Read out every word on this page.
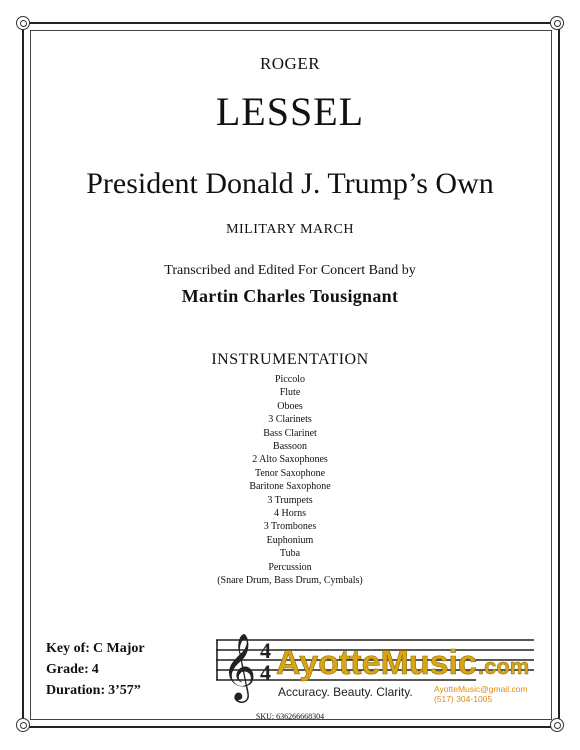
ROGER
LESSEL
President Donald J. Trump’s Own
MILITARY MARCH
Transcribed and Edited For Concert Band by
Martin Charles Tousignant
INSTRUMENTATION
Piccolo
Flute
Oboes
3 Clarinets
Bass Clarinet
Bassoon
2 Alto Saxophones
Tenor Saxophone
Baritone Saxophone
3 Trumpets
4 Horns
3 Trombones
Euphonium
Tuba
Percussion
(Snare Drum, Bass Drum, Cymbals)
Key of: C Major
Grade: 4
Duration: 3’57” 𝄞 4
4 AyotteMusic .com
Accuracy. Beauty. Clarity.	AyotteMusic@gmail.com
(517) 304-1005
SKU: 636266668304
